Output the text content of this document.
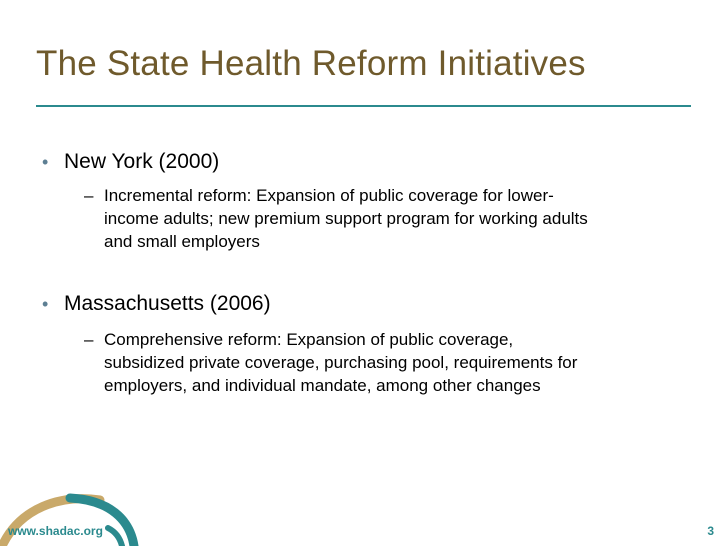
The State Health Reform Initiatives
• New York (2000)
– Incremental reform: Expansion of public coverage for lower-
income adults; new premium support program for working adults
and small employers
• Massachusetts (2006)
– Comprehensive reform: Expansion of public coverage,
subsidized private coverage, purchasing pool, requirements for
employers, and individual mandate, among other changes
www.shadac.org	3
